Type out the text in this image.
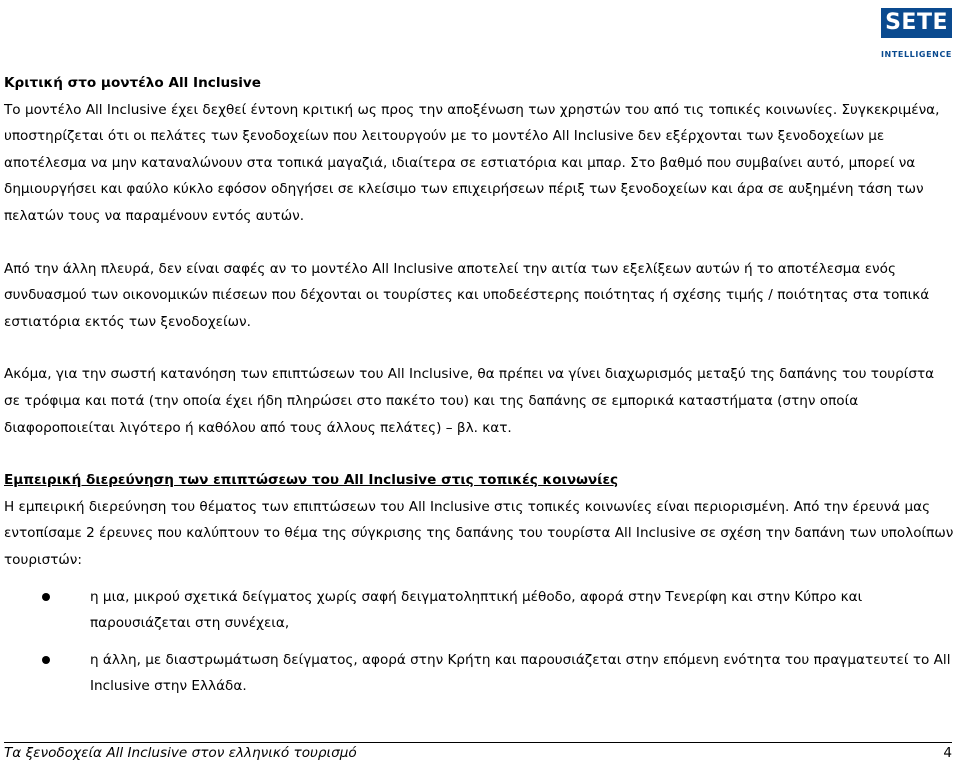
SETE
INTELLIGENCE

Κριτική στο μοντέλο All Inclusive

Το μοντέλο All Inclusive έχει δεχθεί έντονη κριτική ως προς την αποξένωση των χρηστών του από τις τοπικές κοινωνίες. Συγκεκριμένα, υποστηρίζεται ότι οι πελάτες των ξενοδοχείων που λειτουργούν με το μοντέλο All Inclusive δεν εξέρχονται των ξενοδοχείων με αποτέλεσμα να μην καταναλώνουν στα τοπικά μαγαζιά, ιδιαίτερα σε εστιατόρια και μπαρ. Στο βαθμό που συμβαίνει αυτό, μπορεί να δημιουργήσει και φαύλο κύκλο εφόσον οδηγήσει σε κλείσιμο των επιχειρήσεων πέριξ των ξενοδοχείων και άρα σε αυξημένη τάση των πελατών τους να παραμένουν εντός αυτών.

Από την άλλη πλευρά, δεν είναι σαφές αν το μοντέλο All Inclusive αποτελεί την αιτία των εξελίξεων αυτών ή το αποτέλεσμα ενός συνδυασμού των οικονομικών πιέσεων που δέχονται οι τουρίστες και υποδεέστερης ποιότητας ή σχέσης τιμής / ποιότητας στα τοπικά εστιατόρια εκτός των ξενοδοχείων.

Ακόμα, για την σωστή κατανόηση των επιπτώσεων του All Inclusive, θα πρέπει να γίνει διαχωρισμός μεταξύ της δαπάνης του τουρίστα σε τρόφιμα και ποτά (την οποία έχει ήδη πληρώσει στο πακέτο του) και της δαπάνης σε εμπορικά καταστήματα (στην οποία διαφοροποιείται λιγότερο ή καθόλου από τους άλλους πελάτες) – βλ. κατ.

Εμπειρική διερεύνηση των επιπτώσεων του All Inclusive στις τοπικές κοινωνίες

Η εμπειρική διερεύνηση του θέματος των επιπτώσεων του All Inclusive στις τοπικές κοινωνίες είναι περιορισμένη. Από την έρευνά μας εντοπίσαμε 2 έρευνες που καλύπτουν το θέμα της σύγκρισης της δαπάνης του τουρίστα All Inclusive σε σχέση την δαπάνη των υπολοίπων τουριστών:

η μια, μικρού σχετικά δείγματος χωρίς σαφή δειγματοληπτική μέθοδο, αφορά στην Τενερίφη και στην Κύπρο και παρουσιάζεται στη συνέχεια,
η άλλη, με διαστρωμάτωση δείγματος, αφορά στην Κρήτη και παρουσιάζεται στην επόμενη ενότητα του πραγματευτεί το All Inclusive στην Ελλάδα.
Τα ξενοδοχεία All Inclusive στον ελληνικό τουρισμό	4
